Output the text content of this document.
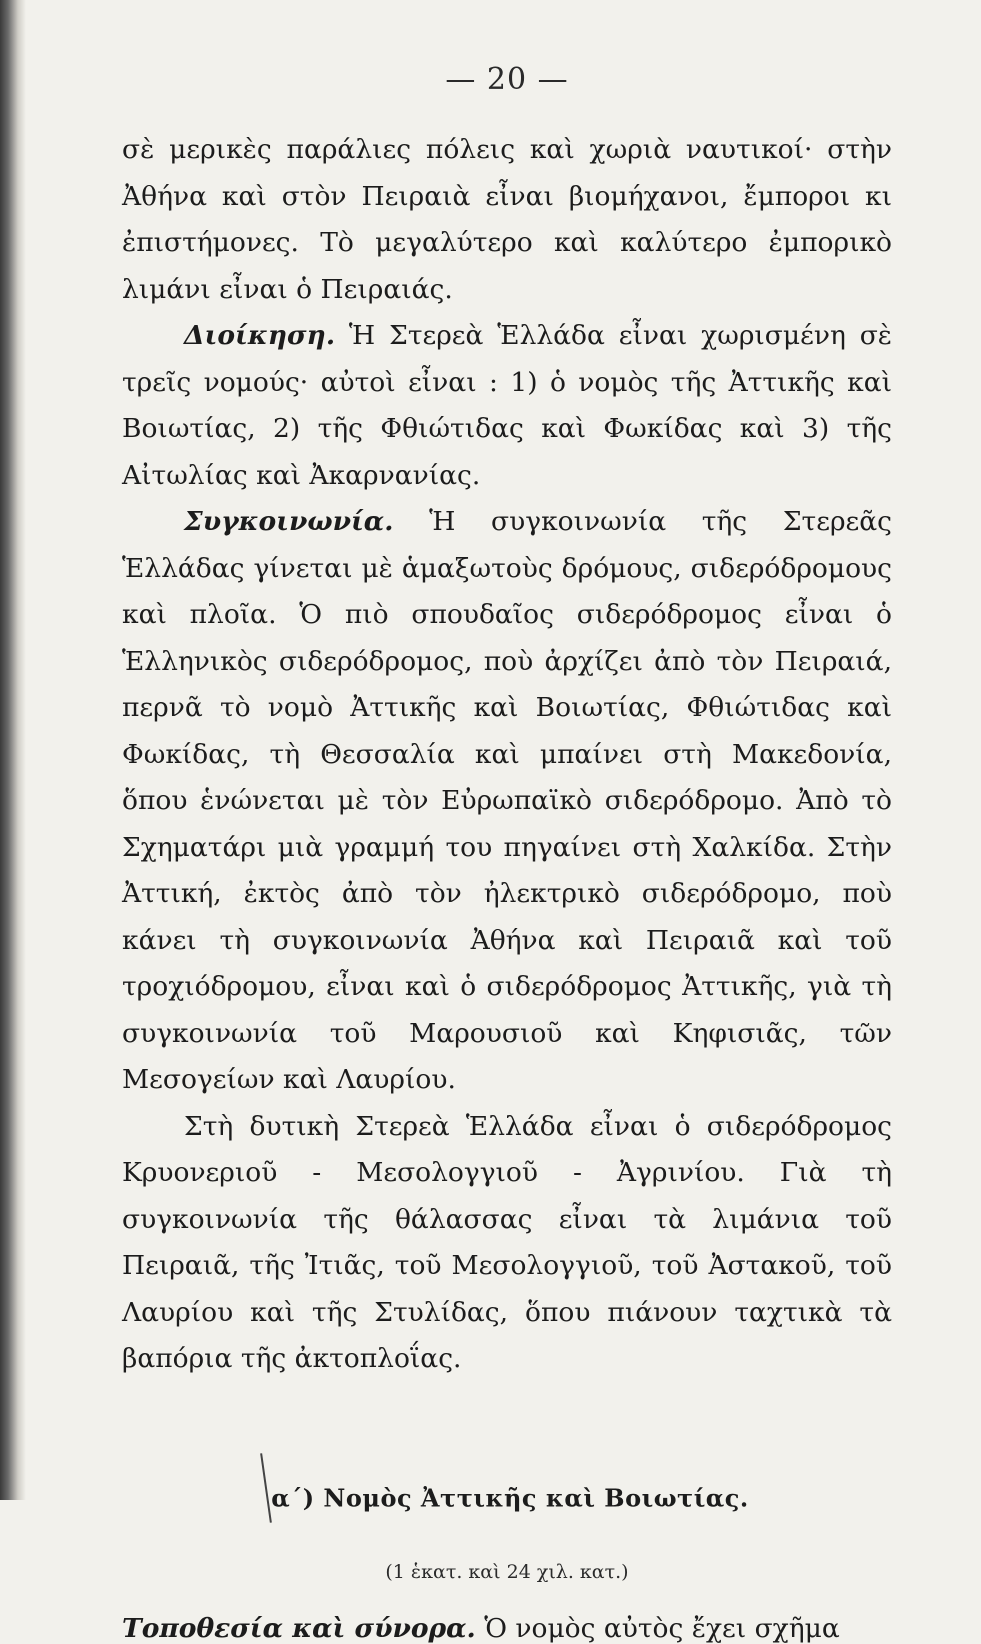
— 20 —

σὲ μερικὲς παράλιες πόλεις καὶ χωριὰ ναυτικοί· στὴν Ἀθήνα καὶ στὸν Πειραιὰ εἶναι βιομήχανοι, ἔμποροι κι ἐπιστήμονες. Τὸ μεγαλύτερο καὶ καλύτερο ἐμπορικὸ λιμάνι εἶναι ὁ Πειραιάς.

Διοίκηση. Ἡ Στερεὰ Ἑλλάδα εἶναι χωρισμένη σὲ τρεῖς νομούς· αὐτοὶ εἶναι : 1) ὁ νομὸς τῆς Ἀττικῆς καὶ Βοιωτίας, 2) τῆς Φθιώτιδας καὶ Φωκίδας καὶ 3) τῆς Αἰτωλίας καὶ Ἀκαρνανίας.

Συγκοινωνία. Ἡ συγκοινωνία τῆς Στερεᾶς Ἑλλάδας γίνεται μὲ ἁμαξωτοὺς δρόμους, σιδερόδρομους καὶ πλοῖα. Ὁ πιὸ σπουδαῖος σιδερόδρομος εἶναι ὁ Ἑλληνικὸς σιδερόδρομος, ποὺ ἀρχίζει ἀπὸ τὸν Πειραιά, περνᾶ τὸ νομὸ Ἀττικῆς καὶ Βοιωτίας, Φθιώτιδας καὶ Φωκίδας, τὴ Θεσσαλία καὶ μπαίνει στὴ Μακεδονία, ὅπου ἑνώνεται μὲ τὸν Εὐρωπαϊκὸ σιδερόδρομο. Ἀπὸ τὸ Σχηματάρι μιὰ γραμμή του πηγαίνει στὴ Χαλκίδα. Στὴν Ἀττική, ἐκτὸς ἀπὸ τὸν ἠλεκτρικὸ σιδερόδρομο, ποὺ κάνει τὴ συγκοινωνία Ἀθήνα καὶ Πειραιᾶ καὶ τοῦ τροχιόδρομου, εἶναι καὶ ὁ σιδερόδρομος Ἀττικῆς, γιὰ τὴ συγκοινωνία τοῦ Μαρουσιοῦ καὶ Κηφισιᾶς, τῶν Μεσογείων καὶ Λαυρίου.

Στὴ δυτικὴ Στερεὰ Ἑλλάδα εἶναι ὁ σιδερόδρομος Κρυονεριοῦ - Μεσολογγιοῦ - Ἀγρινίου. Γιὰ τὴ συγκοινωνία τῆς θάλασσας εἶναι τὰ λιμάνια τοῦ Πειραιᾶ, τῆς Ἰτιᾶς, τοῦ Μεσολογγιοῦ, τοῦ Ἀστακοῦ, τοῦ Λαυρίου καὶ τῆς Στυλίδας, ὅπου πιάνουν ταχτικὰ τὰ βαπόρια τῆς ἀκτοπλοΐας.

α΄) Νομὸς Ἀττικῆς καὶ Βοιωτίας.
(1 ἑκατ. καὶ 24 χιλ. κατ.)
Τοποθεσία καὶ σύνορα. Ὁ νομὸς αὐτὸς ἔχει σχῆμα
